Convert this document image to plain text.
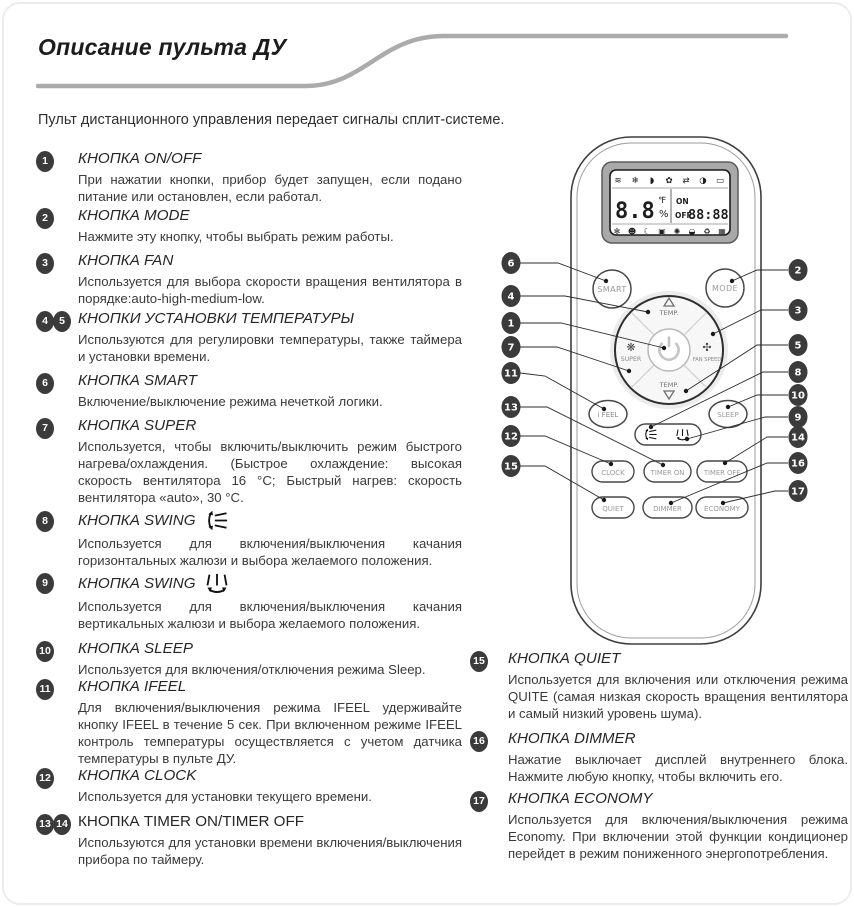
Описание пульта ДУ

Пульт дистанционного управления передает сигналы сплит-системе.

1	КНОПКА ON/OFF
При нажатии кнопки, прибор будет запущен, если подано питание или остановлен, если работал.
2	КНОПКА MODE
Нажмите эту кнопку, чтобы выбрать режим работы.
3	КНОПКА FAN
Используется для выбора скорости вращения вентилятора в порядке:auto-high-medium-low.
4 5 КНОПКИ УСТАНОВКИ ТЕМПЕРАТУРЫ
Используются для регулировки температуры, также таймера и установки времени.
6	КНОПКА SMART
Включение/выключение режима нечеткой логики.
7	КНОПКА SUPER
Используется, чтобы включить/выключить режим быстрого нагрева/охлаждения. (Быстрое охлаждение: высокая скорость вентилятора 16 °C; Быстрый нагрев: скорость вентилятора «auto», 30 °C.
8	КНОПКА SWING
Используется для включения/выключения качания горизонтальных жалюзи и выбора желаемого положения.
9	КНОПКА SWING
Используется для включения/выключения качания вертикальных жалюзи и выбора желаемого положения.
10	КНОПКА SLEEP
Используется для включения/отключения режима Sleep.
11	КНОПКА IFEEL
Для включения/выключения режима IFEEL удерживайте кнопку IFEEL в течение 5 сек. При включенном режиме IFEEL контроль температуры осуществляется с учетом датчика температуры в пульте ДУ.
12	КНОПКА CLOCK
Используется для установки текущего времени.
13 14 КНОПКА TIMER ON/TIMER OFF
Используются для установки времени включения/выключения прибора по таймеру.
15	КНОПКА QUIET
Используется для включения или отключения режима QUITE (самая низкая скорость вращения вентилятора и самый низкий уровень шума).
16	КНОПКА DIMMER
Нажатие выключает дисплей внутреннего блока. Нажмите любую кнопку, чтобы включить его.
17	КНОПКА ECONOMY
Используется для включения/выключения режима Economy. При включении этой функции кондиционер перейдет в режим пониженного энергопотребления.
≋ ❄ ◗ ✿ ⇄ ◑ ▭
8.8 ℉
%
ON
OFF
88:88
✻ ☻ ☾ ▣ ✺ ◒ ♻ ▦
SMART	MODE
TEMP.
TEMP.
❋
SUPER
✣
FAN SPEED
i FEEL	SLEEP
CLOCK	TIMER ON	TIMER OFF
QUIET	DIMMER	ECONOMY
6
4
1
7
11
13
12
15
2
3
5
8
10
9
14
16
17
